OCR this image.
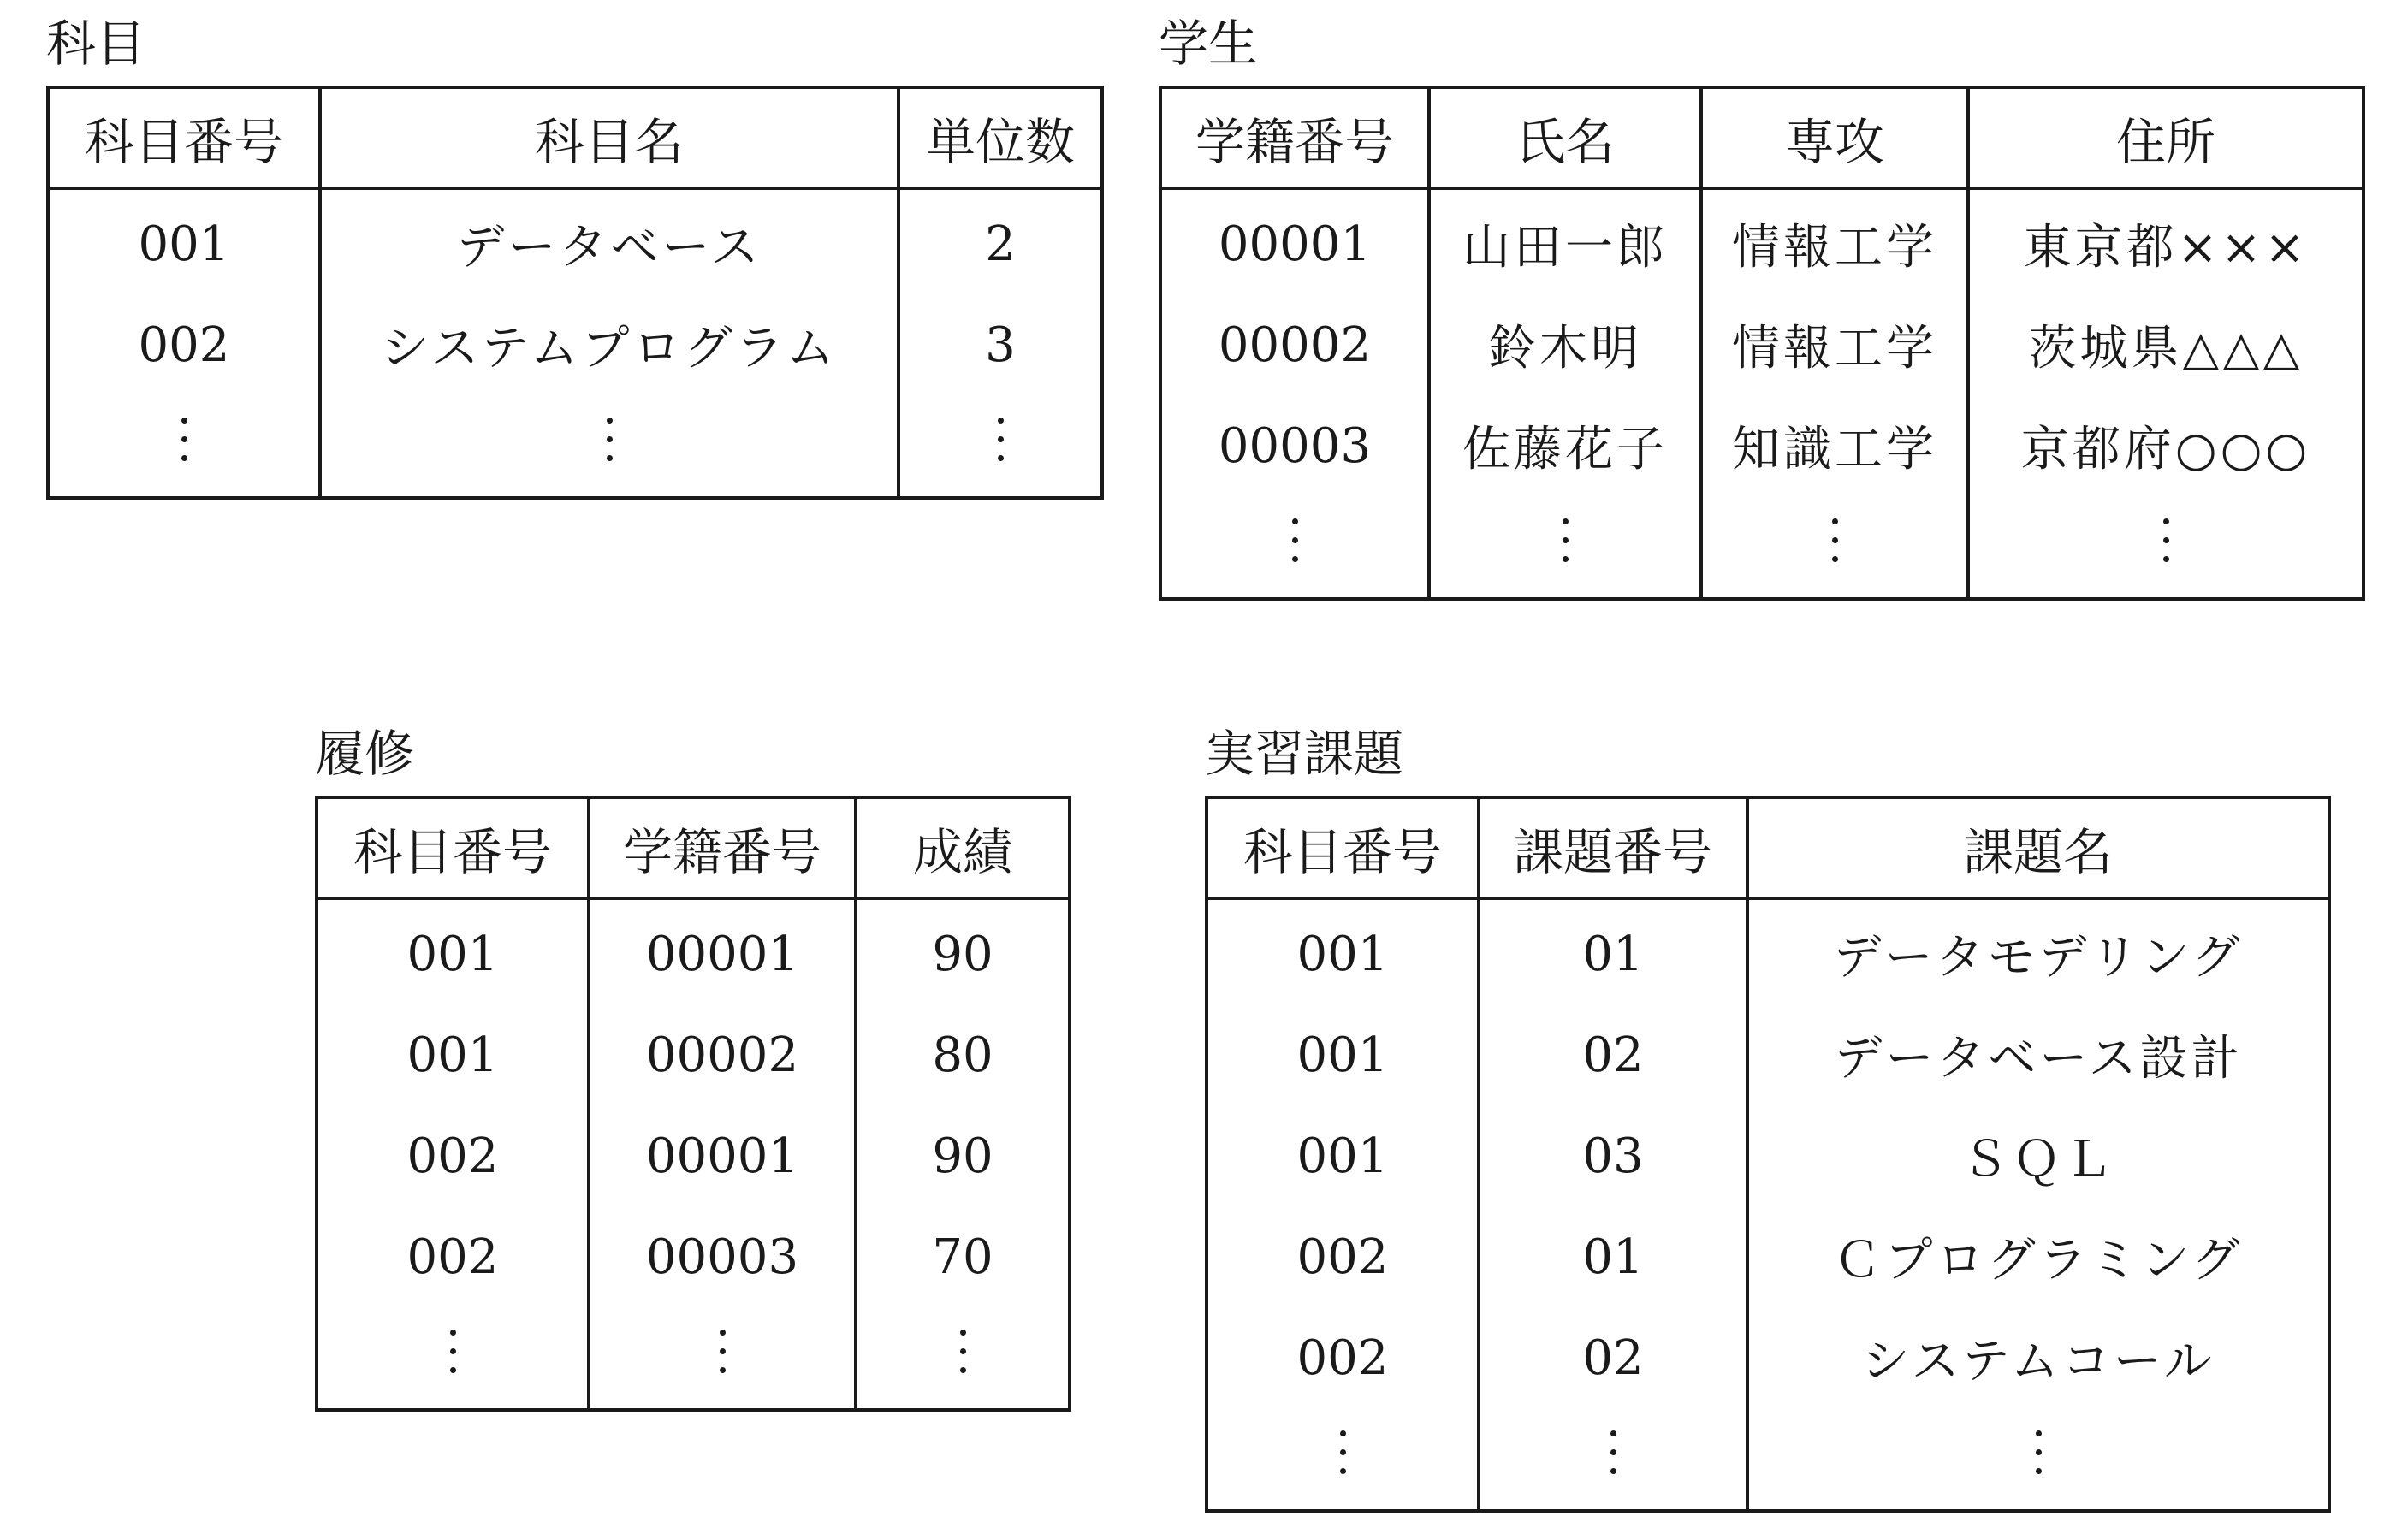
科目
科目番号	科目名	単位数
001	データベース	2
002	システムプログラム	3

学生
学籍番号	氏名	専攻	住所
00001	山田一郎	情報工学	東京都×××
00002	鈴木明	情報工学	茨城県△△△
00003	佐藤花子	知識工学	京都府○○○

履修
科目番号	学籍番号	成績
001	00001	90
001	00002	80
002	00001	90
002	00003	70

実習課題
科目番号	課題番号	課題名
001	01	データモデリング
001	02	データベース設計
001	03	ＳＱＬ
002	01	Ｃプログラミング
002	02	システムコール
